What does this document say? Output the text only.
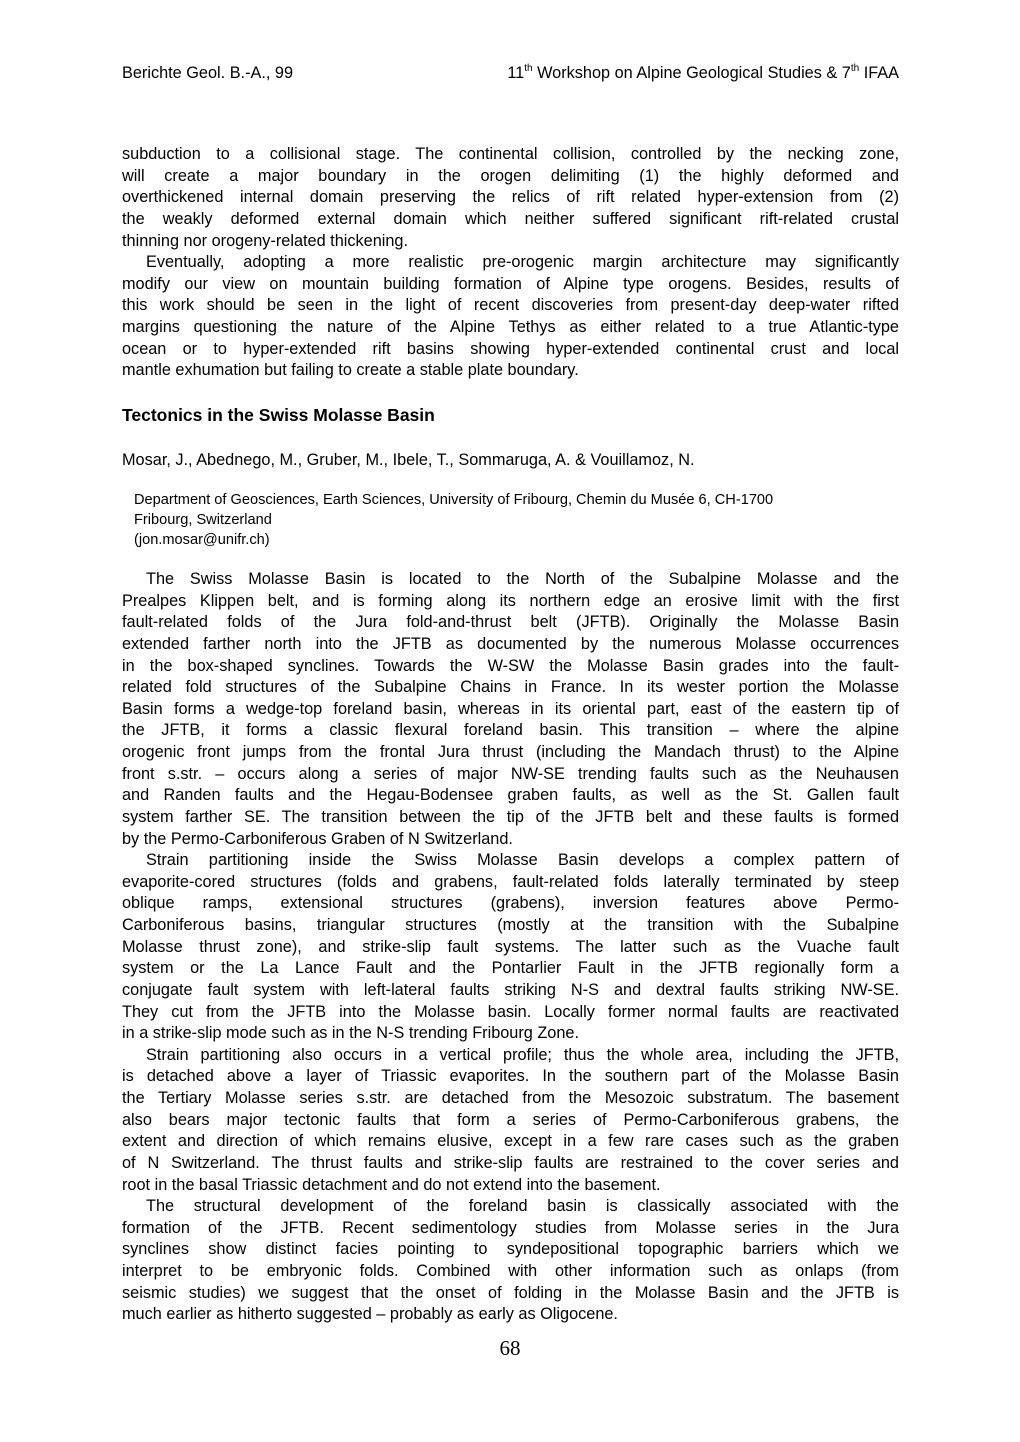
Berichte Geol. B.-A., 99	11th Workshop on Alpine Geological Studies & 7th IFAA
subduction to a collisional stage. The continental collision, controlled by the necking zone,
will create a major boundary in the orogen delimiting (1) the highly deformed and
overthickened internal domain preserving the relics of rift related hyper-extension from (2)
the weakly deformed external domain which neither suffered significant rift-related crustal
thinning nor orogeny-related thickening.
Eventually, adopting a more realistic pre-orogenic margin architecture may significantly
modify our view on mountain building formation of Alpine type orogens. Besides, results of
this work should be seen in the light of recent discoveries from present-day deep-water rifted
margins questioning the nature of the Alpine Tethys as either related to a true Atlantic-type
ocean or to hyper-extended rift basins showing hyper-extended continental crust and local
mantle exhumation but failing to create a stable plate boundary.
Tectonics in the Swiss Molasse Basin
Mosar, J., Abednego, M., Gruber, M., Ibele, T., Sommaruga, A. & Vouillamoz, N.
Department of Geosciences, Earth Sciences, University of Fribourg, Chemin du Musée 6, CH-1700
Fribourg, Switzerland
(jon.mosar@unifr.ch)
The Swiss Molasse Basin is located to the North of the Subalpine Molasse and the
Prealpes Klippen belt, and is forming along its northern edge an erosive limit with the first
fault-related folds of the Jura fold-and-thrust belt (JFTB). Originally the Molasse Basin
extended farther north into the JFTB as documented by the numerous Molasse occurrences
in the box-shaped synclines. Towards the W-SW the Molasse Basin grades into the fault-
related fold structures of the Subalpine Chains in France. In its wester portion the Molasse
Basin forms a wedge-top foreland basin, whereas in its oriental part, east of the eastern tip of
the JFTB, it forms a classic flexural foreland basin. This transition – where the alpine
orogenic front jumps from the frontal Jura thrust (including the Mandach thrust) to the Alpine
front s.str. – occurs along a series of major NW-SE trending faults such as the Neuhausen
and Randen faults and the Hegau-Bodensee graben faults, as well as the St. Gallen fault
system farther SE. The transition between the tip of the JFTB belt and these faults is formed
by the Permo-Carboniferous Graben of N Switzerland.
Strain partitioning inside the Swiss Molasse Basin develops a complex pattern of
evaporite-cored structures (folds and grabens, fault-related folds laterally terminated by steep
oblique ramps, extensional structures (grabens), inversion features above Permo-
Carboniferous basins, triangular structures (mostly at the transition with the Subalpine
Molasse thrust zone), and strike-slip fault systems. The latter such as the Vuache fault
system or the La Lance Fault and the Pontarlier Fault in the JFTB regionally form a
conjugate fault system with left-lateral faults striking N-S and dextral faults striking NW-SE.
They cut from the JFTB into the Molasse basin. Locally former normal faults are reactivated
in a strike-slip mode such as in the N-S trending Fribourg Zone.
Strain partitioning also occurs in a vertical profile; thus the whole area, including the JFTB,
is detached above a layer of Triassic evaporites. In the southern part of the Molasse Basin
the Tertiary Molasse series s.str. are detached from the Mesozoic substratum. The basement
also bears major tectonic faults that form a series of Permo-Carboniferous grabens, the
extent and direction of which remains elusive, except in a few rare cases such as the graben
of N Switzerland. The thrust faults and strike-slip faults are restrained to the cover series and
root in the basal Triassic detachment and do not extend into the basement.
The structural development of the foreland basin is classically associated with the
formation of the JFTB. Recent sedimentology studies from Molasse series in the Jura
synclines show distinct facies pointing to syndepositional topographic barriers which we
interpret to be embryonic folds. Combined with other information such as onlaps (from
seismic studies) we suggest that the onset of folding in the Molasse Basin and the JFTB is
much earlier as hitherto suggested – probably as early as Oligocene.
68
